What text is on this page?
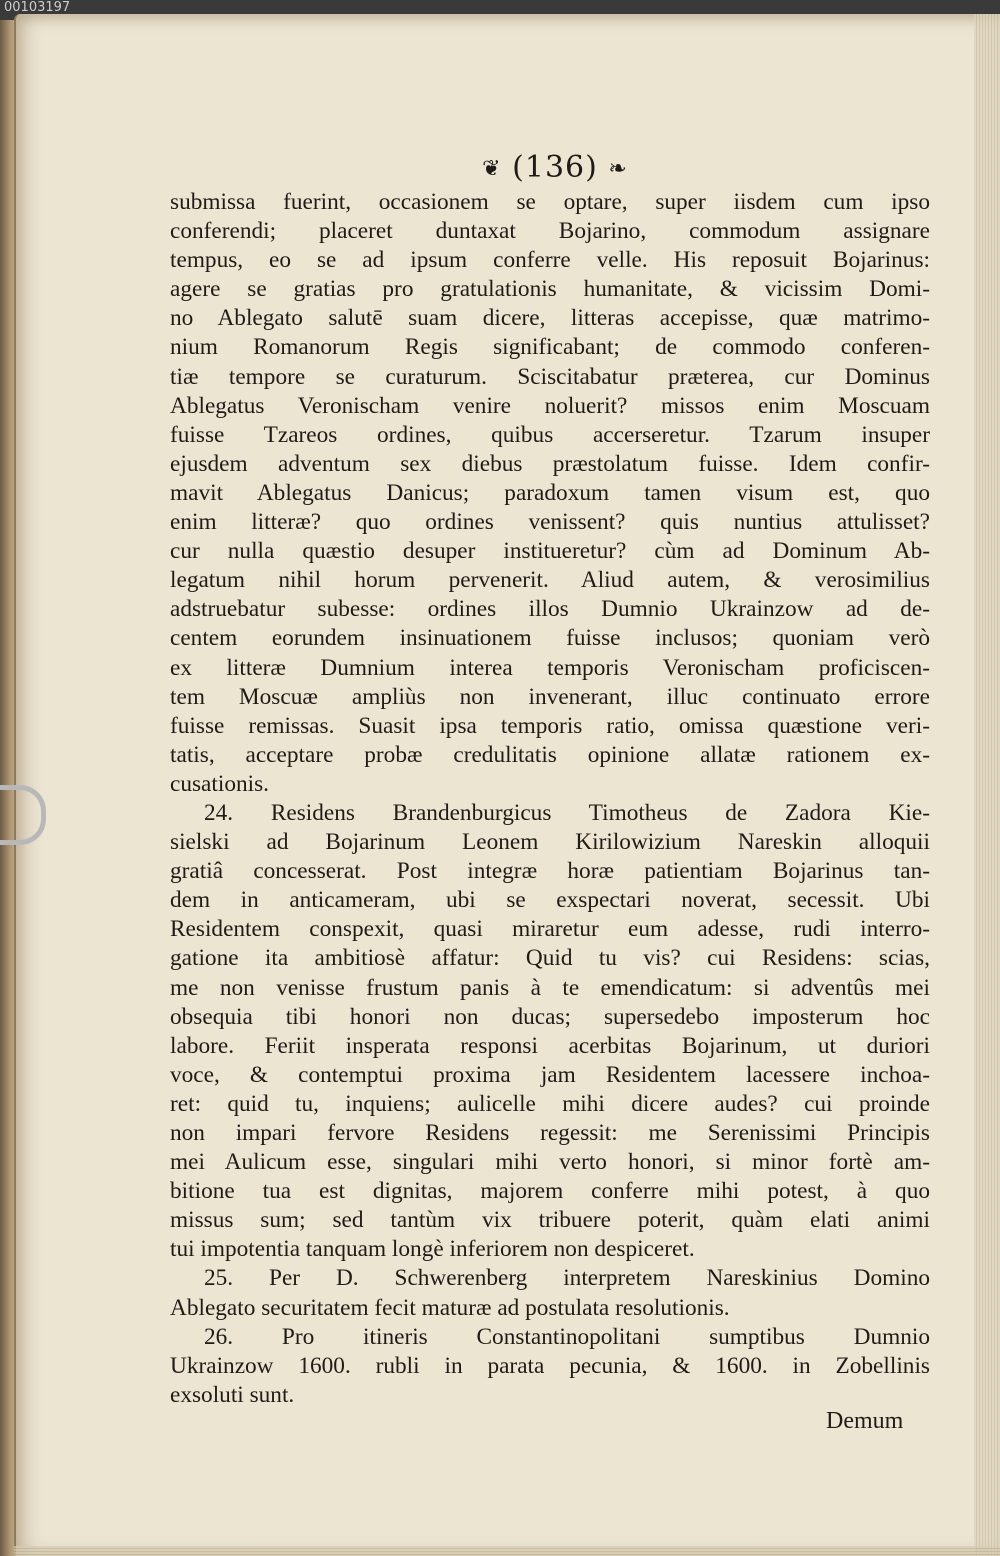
00103197
❦ (136) ❧
submissa fuerint, occasionem se optare, super iisdem cum ipso
conferendi; placeret duntaxat Bojarino, commodum assignare
tempus, eo se ad ipsum conferre velle. His reposuit Bojarinus:
agere se gratias pro gratulationis humanitate, & vicissim Domi-
no Ablegato salutē suam dicere, litteras accepisse, quæ matrimo-
nium Romanorum Regis significabant; de commodo conferen-
tiæ tempore se curaturum. Sciscitabatur præterea, cur Dominus
Ablegatus Veronischam venire noluerit? missos enim Moscuam
fuisse Tzareos ordines, quibus accerseretur. Tzarum insuper
ejusdem adventum sex diebus præstolatum fuisse. Idem confir-
mavit Ablegatus Danicus; paradoxum tamen visum est, quo
enim litteræ? quo ordines venissent? quis nuntius attulisset?
cur nulla quæstio desuper institueretur? cùm ad Dominum Ab-
legatum nihil horum pervenerit. Aliud autem, & verosimilius
adstruebatur subesse: ordines illos Dumnio Ukrainzow ad de-
centem eorundem insinuationem fuisse inclusos; quoniam verò
ex litteræ Dumnium interea temporis Veronischam proficiscen-
tem Moscuæ ampliùs non invenerant, illuc continuato errore
fuisse remissas. Suasit ipsa temporis ratio, omissa quæstione veri-
tatis, acceptare probæ credulitatis opinione allatæ rationem ex-
cusationis.
24. Residens Brandenburgicus Timotheus de Zadora Kie-
sielski ad Bojarinum Leonem Kirilowizium Nareskin alloquii
gratiâ concesserat. Post integræ horæ patientiam Bojarinus tan-
dem in anticameram, ubi se exspectari noverat, secessit. Ubi
Residentem conspexit, quasi miraretur eum adesse, rudi interro-
gatione ita ambitiosè affatur: Quid tu vis? cui Residens: scias,
me non venisse frustum panis à te emendicatum: si adventûs mei
obsequia tibi honori non ducas; supersedebo imposterum hoc
labore. Feriit insperata responsi acerbitas Bojarinum, ut duriori
voce, & contemptui proxima jam Residentem lacessere inchoa-
ret: quid tu, inquiens; aulicelle mihi dicere audes? cui proinde
non impari fervore Residens regessit: me Serenissimi Principis
mei Aulicum esse, singulari mihi verto honori, si minor fortè am-
bitione tua est dignitas, majorem conferre mihi potest, à quo
missus sum; sed tantùm vix tribuere poterit, quàm elati animi
tui impotentia tanquam longè inferiorem non despiceret.
25. Per D. Schwerenberg interpretem Nareskinius Domino
Ablegato securitatem fecit maturæ ad postulata resolutionis.
26. Pro itineris Constantinopolitani sumptibus Dumnio
Ukrainzow 1600. rubli in parata pecunia, & 1600. in Zobellinis
exsoluti sunt.
Demum
